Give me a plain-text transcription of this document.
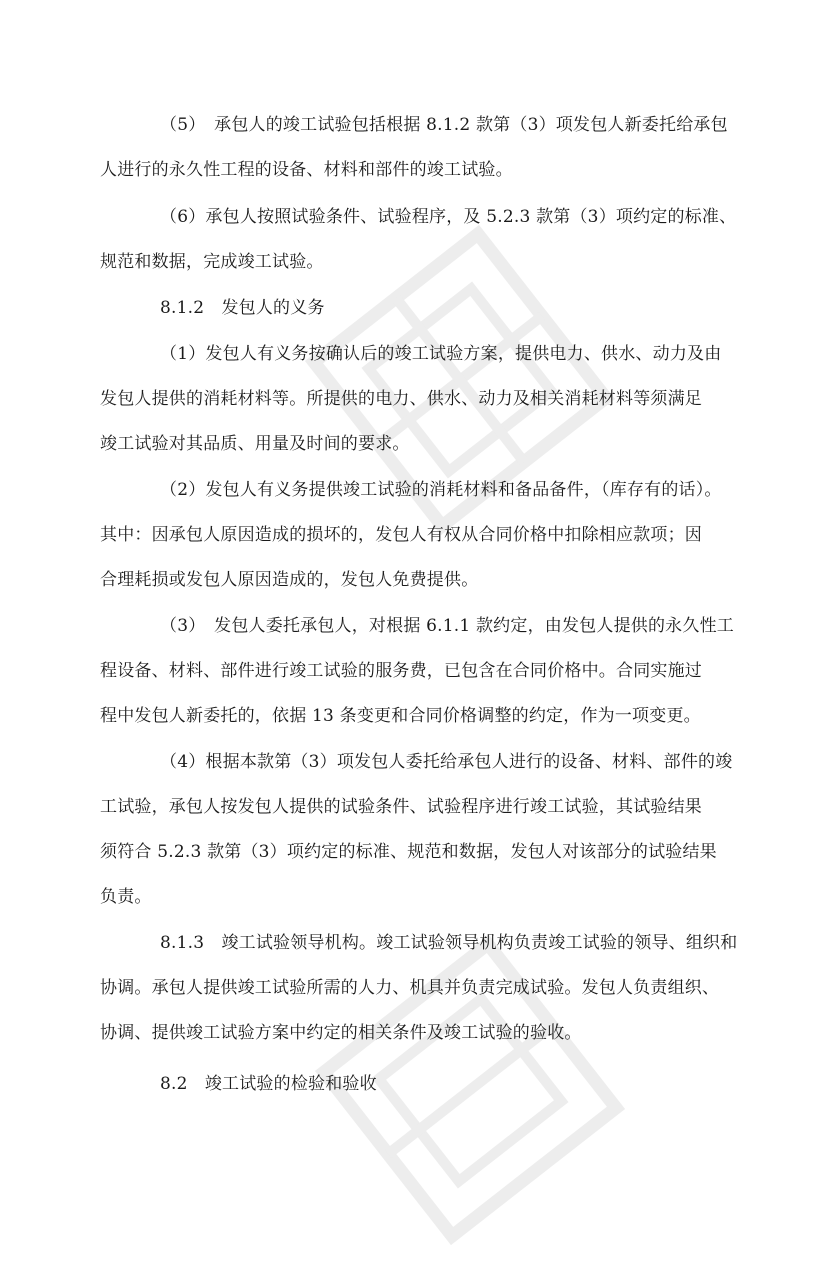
（5）　承包人的竣工试验包括根据 8.1.2 款第（3）项发包人新委托给承包
人进行的永久性工程的设备、材料和部件的竣工试验。
（6）承包人按照试验条件、试验程序，及 5.2.3 款第（3）项约定的标准、
规范和数据，完成竣工试验。
8.1.2　发包人的义务
（1）发包人有义务按确认后的竣工试验方案，提供电力、供水、动力及由
发包人提供的消耗材料等。所提供的电力、供水、动力及相关消耗材料等须满足
竣工试验对其品质、用量及时间的要求。
（2）发包人有义务提供竣工试验的消耗材料和备品备件，（库存有的话）。
其中：因承包人原因造成的损坏的，发包人有权从合同价格中扣除相应款项；因
合理耗损或发包人原因造成的，发包人免费提供。
（3）　发包人委托承包人，对根据 6.1.1 款约定，由发包人提供的永久性工
程设备、材料、部件进行竣工试验的服务费，已包含在合同价格中。合同实施过
程中发包人新委托的，依据 13 条变更和合同价格调整的约定，作为一项变更。
（4）根据本款第（3）项发包人委托给承包人进行的设备、材料、部件的竣
工试验，承包人按发包人提供的试验条件、试验程序进行竣工试验，其试验结果
须符合 5.2.3 款第（3）项约定的标准、规范和数据，发包人对该部分的试验结果
负责。
8.1.3　竣工试验领导机构。竣工试验领导机构负责竣工试验的领导、组织和
协调。承包人提供竣工试验所需的人力、机具并负责完成试验。发包人负责组织、
协调、提供竣工试验方案中约定的相关条件及竣工试验的验收。
8.2　竣工试验的检验和验收
